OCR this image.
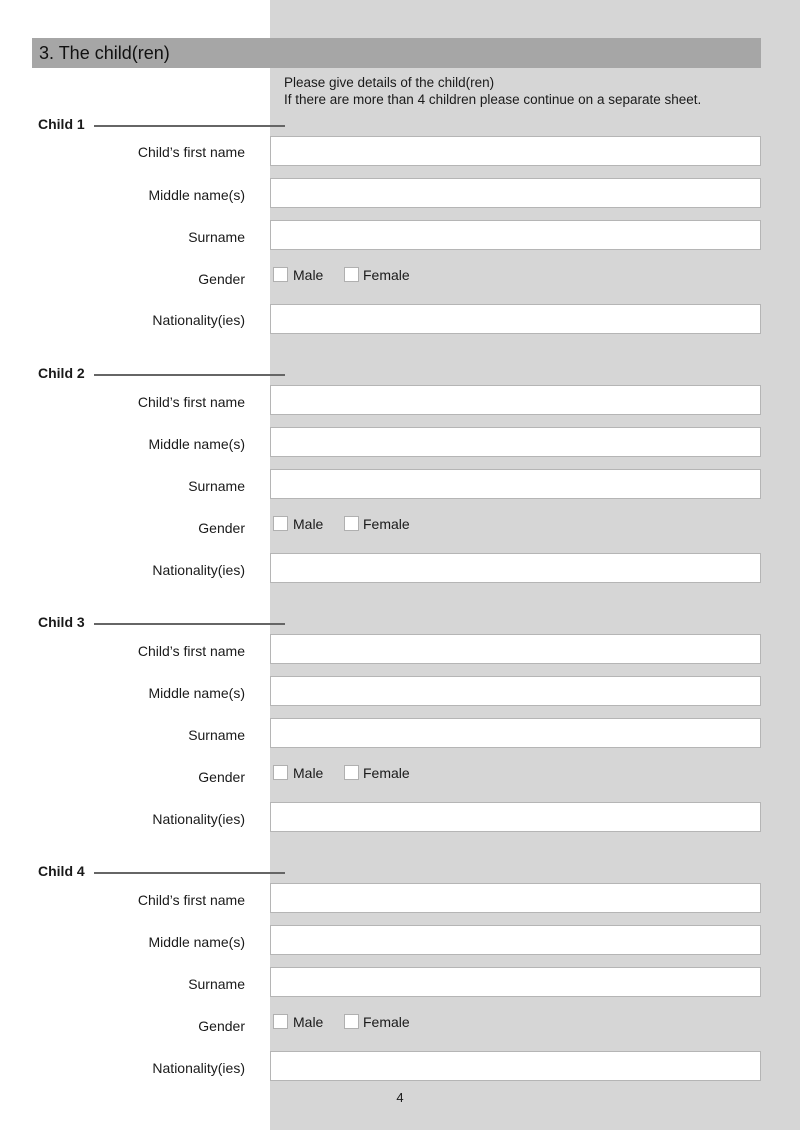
3. The child(ren)
Please give details of the child(ren)
If there are more than 4 children please continue on a separate sheet.
Child 1
Child’s first name
Middle name(s)
Surname
Gender	Male	Female
Nationality(ies)
Child 2
Child’s first name
Middle name(s)
Surname
Gender	Male	Female
Nationality(ies)
Child 3
Child’s first name
Middle name(s)
Surname
Gender	Male	Female
Nationality(ies)
Child 4
Child’s first name
Middle name(s)
Surname
Gender	Male	Female
Nationality(ies)
4
